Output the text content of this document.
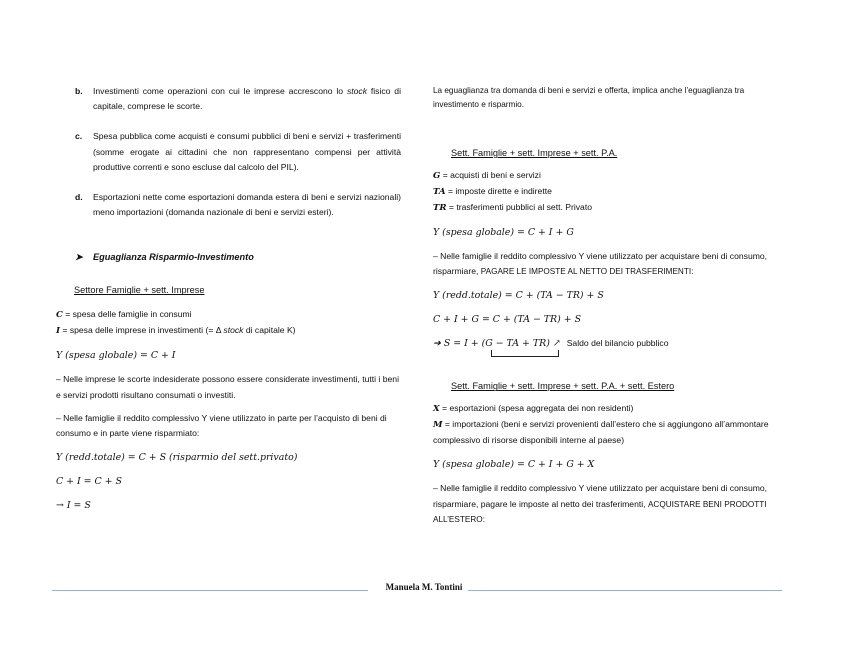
b. Investimenti come operazioni con cui le imprese accrescono lo stock fisico di capitale, comprese le scorte.
c. Spesa pubblica come acquisti e consumi pubblici di beni e servizi + trasferimenti (somme erogate ai cittadini che non rappresentano compensi per attività produttive correnti e sono escluse dal calcolo del PIL).
d. Esportazioni nette come esportazioni domanda estera di beni e servizi nazionali) meno importazioni (domanda nazionale di beni e servizi esteri).
➤ Eguaglianza Risparmio-Investimento
Settore Famiglie + sett. Imprese
C = spesa delle famiglie in consumi
I = spesa delle imprese in investimenti (= Δ stock di capitale K)
Y (spesa globale) = C + I
– Nelle imprese le scorte indesiderate possono essere considerate investimenti, tutti i beni e servizi prodotti risultano consumati o investiti.
– Nelle famiglie il reddito complessivo Y viene utilizzato in parte per l’acquisto di beni di consumo e in parte viene risparmiato:
Y (redd.totale) = C + S (risparmio del sett.privato)
C + I = C + S
→ I = S
La eguaglianza tra domanda di beni e servizi e offerta, implica anche l’eguaglianza tra investimento e risparmio.
Sett. Famiglie + sett. Imprese + sett. P.A.
G = acquisti di beni e servizi
TA = imposte dirette e indirette
TR = trasferimenti pubblici al sett. Privato
Y (spesa globale) = C + I + G
– Nelle famiglie il reddito complessivo Y viene utilizzato per acquistare beni di consumo, risparmiare, PAGARE LE IMPOSTE AL NETTO DEI TRASFERIMENTI:
Y (redd.totale) = C + (TA − TR) + S
C + I + G = C + (TA − TR) + S
➔ S = I + (G − TA + TR) ↗ Saldo del bilancio pubblico
Sett. Famiglie + sett. Imprese + sett. P.A. + sett. Estero
X = esportazioni (spesa aggregata dei non residenti)
M = importazioni (beni e servizi provenienti dall’estero che si aggiungono all’ammontare complessivo di risorse disponibili interne al paese)
Y (spesa globale) = C + I + G + X
– Nelle famiglie il reddito complessivo Y viene utilizzato per acquistare beni di consumo, risparmiare, pagare le imposte al netto dei trasferimenti, ACQUISTARE BENI PRODOTTI ALL’ESTERO:
Manuela M. Tontini
